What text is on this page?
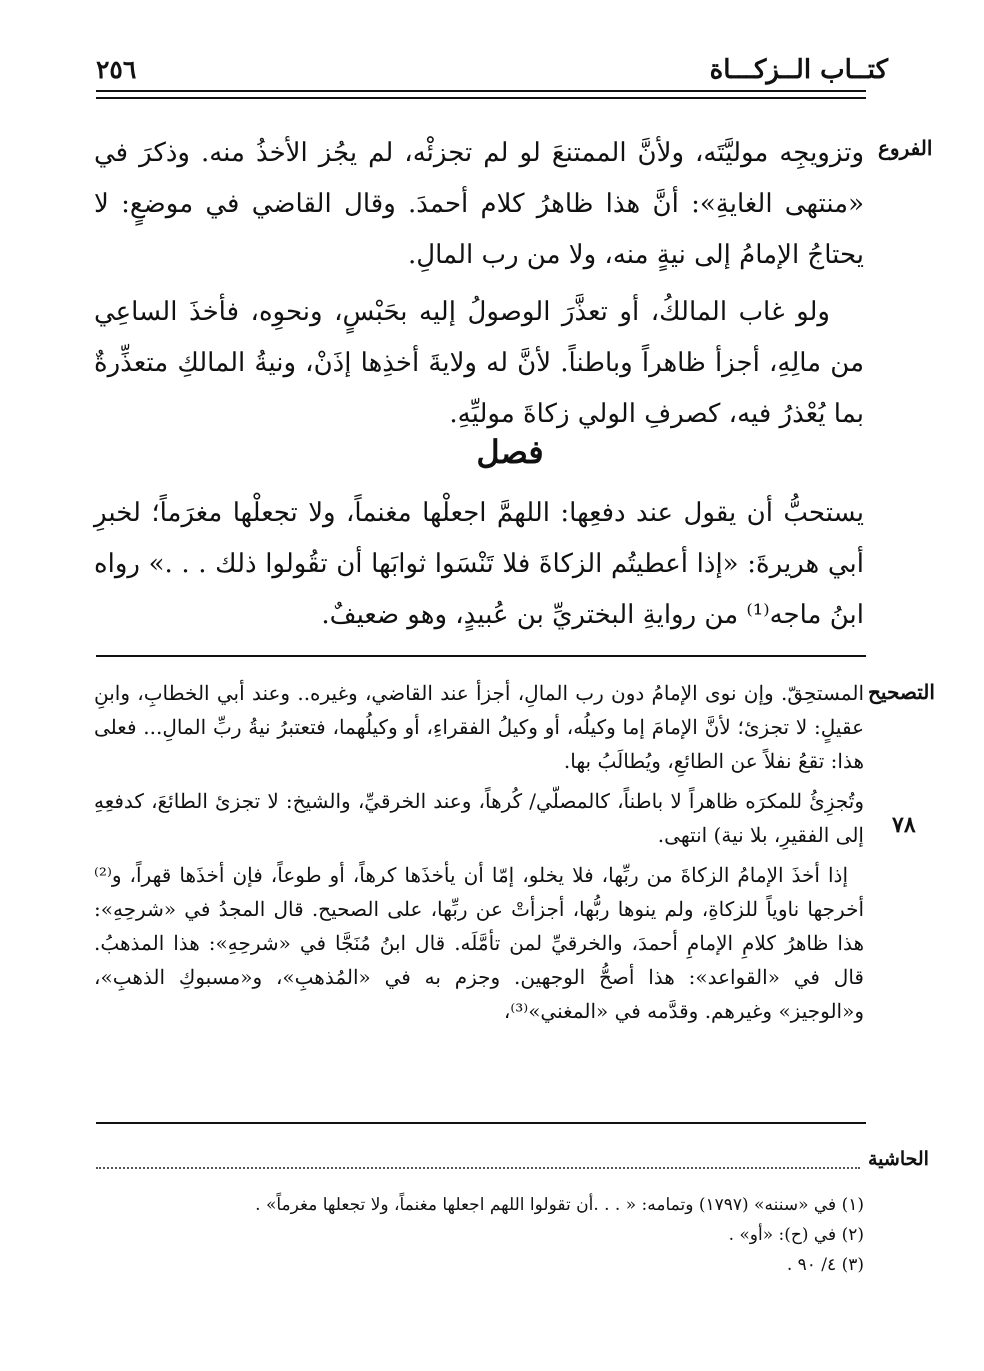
كتــاب الــزكـــاة
٢٥٦
الفروع

وتزويجِه موليَّتَه، ولأنَّ الممتنعَ لو لم تجزئْه، لم يجُز الأخذُ منه. وذكرَ في «منتهى الغايةِ»: أنَّ هذا ظاهرُ كلام أحمدَ. وقال القاضي في موضعٍ: لا يحتاجُ الإمامُ إلى نيةٍ منه، ولا من رب المالِ.

ولو غاب المالكُ، أو تعذَّرَ الوصولُ إليه بحَبْسٍ، ونحوِه، فأخذَ الساعِي من مالِهِ، أجزأ ظاهراً وباطناً. لأنَّ له ولايةَ أخذِها إذَنْ، ونيةُ المالكِ متعذِّرةٌ بما يُعْذرُ فيه، كصرفِ الولي زكاةَ موليِّهِ.

فصل

يستحبُّ أن يقول عند دفعِها: اللهمَّ اجعلْها مغنماً، ولا تجعلْها مغرَماً؛ لخبرِ أبي هريرةَ: «إذا أعطيتُم الزكاةَ فلا تَنْسَوا ثوابَها أن تقُولوا ذلك . . .» رواه ابنُ ماجه⁽¹⁾ من روايةِ البختريِّ بن عُبيدٍ، وهو ضعيفٌ.

التصحيح
٧٨

المستحِقّ. وإن نوى الإمامُ دون رب المالِ، أجزأ عند القاضي، وغيره.. وعند أبي الخطابِ، وابنِ عقيلٍ: لا تجزئ؛ لأنَّ الإمامَ إما وكيلُه، أو وكيلُ الفقراءِ، أو وكيلُهما، فتعتبرُ نيةُ ربِّ المالِ... فعلى هذا: تقعُ نفلاً عن الطائعِ، ويُطالَبُ بها.

وتُجزِئُ للمكرَه ظاهراً لا باطناً، كالمصلّي/ كُرهاً، وعند الخرقيِّ، والشيخ: لا تجزئ الطائعَ، كدفعِهِ إلى الفقيرِ، بلا نية) انتهى.

إذا أخذَ الإمامُ الزكاةَ من ربِّها، فلا يخلو، إمّا أن يأخذَها كرهاً، أو طوعاً، فإن أخذَها قهراً، و⁽²⁾أخرجها ناوياً للزكاةِ، ولم ينوها ربُّها، أجزأتْ عن ربِّها، على الصحيح. قال المجدُ في «شرحِهِ»: هذا ظاهرُ كلامِ الإمامِ أحمدَ، والخرقيِّ لمن تأمَّلَه. قال ابنُ مُنَجَّا في «شرحِهِ»: هذا المذهبُ. قال في «القواعد»: هذا أصحُّ الوجهين. وجزم به في «المُذهبِ»، و«مسبوكِ الذهبِ»، و«الوجيز» وغيرهم. وقدَّمه في «المغني»⁽³⁾،

الحاشية

(١) في «سننه» (١٧٩٧) وتمامه: « . . .أن تقولوا اللهم اجعلها مغنماً، ولا تجعلها مغرماً» .

(٢) في (ح): «أو» .

(٣) ٤/ ٩٠ .
